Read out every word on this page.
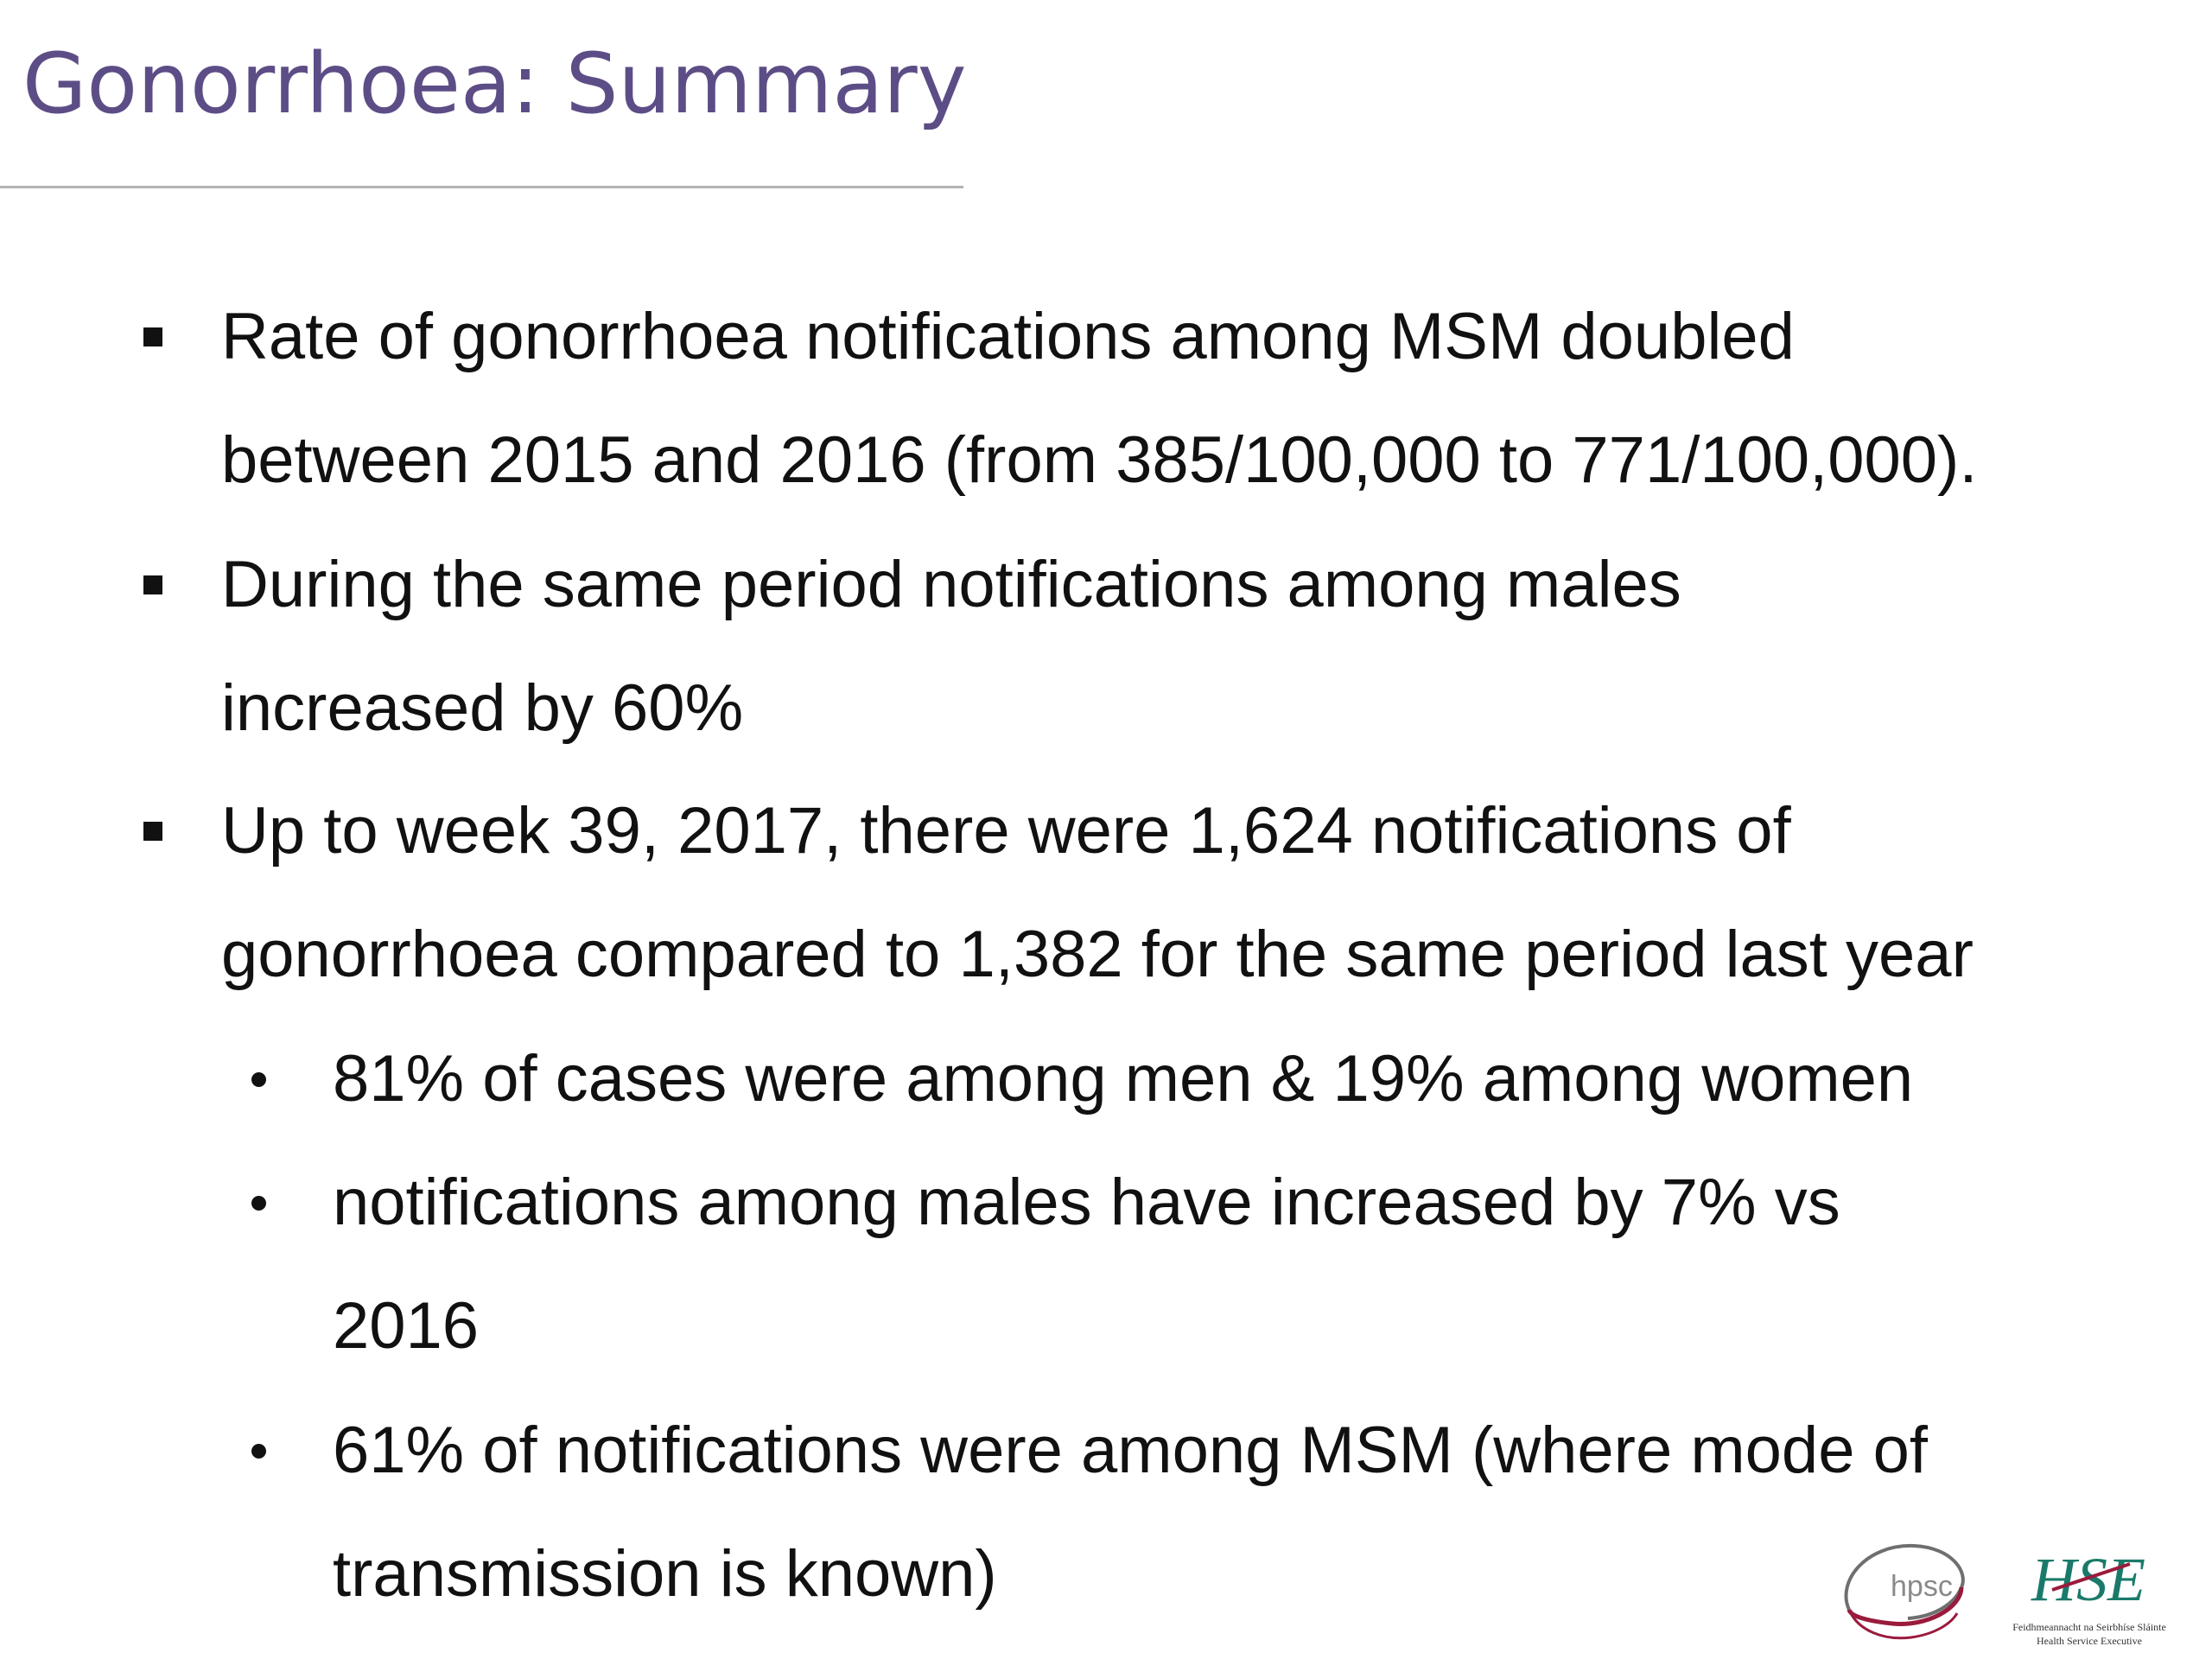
Gonorrhoea: Summary
Rate of gonorrhoea notifications among MSM doubled
between 2015 and 2016 (from 385/100,000 to 771/100,000).
During the same period notifications among males
increased by 60%
Up to week 39, 2017, there were 1,624 notifications of
gonorrhoea compared to 1,382 for the same period last year
81% of cases were among men & 19% among women
notifications among males have increased by 7% vs
2016
61% of notifications were among MSM (where mode of
transmission is known)	hpsc HSE
Feidhmeannacht na Seirbhíse Sláinte
Health Service Executive
